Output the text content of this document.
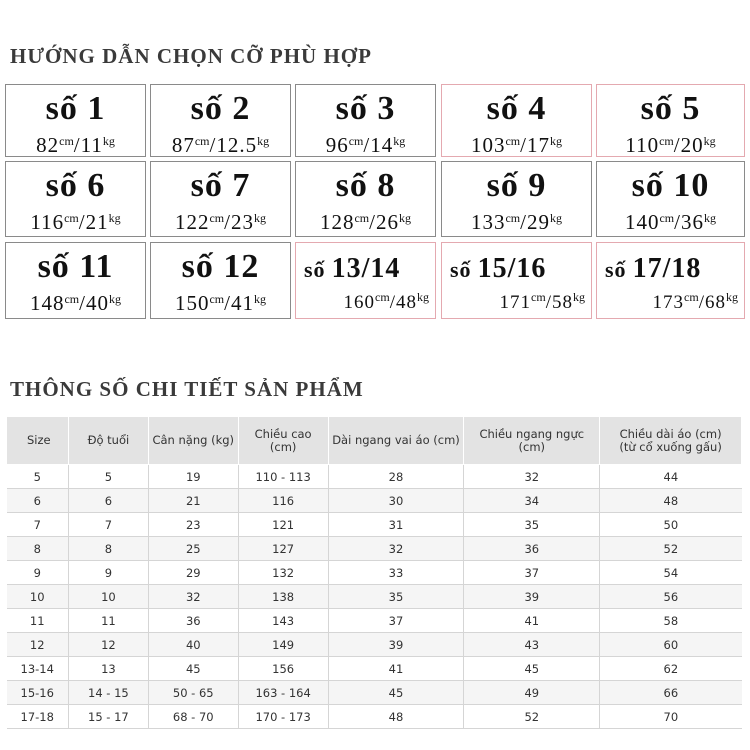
HƯỚNG DẪN CHỌN CỠ PHÙ HỢP
số 1
$82^{cm}/11^{kg}$
số 2
$87^{cm}/12.5^{kg}$
số 3
$96^{cm}/14^{kg}$
số 4
$103^{cm}/17^{kg}$
số 5
$110^{cm}/20^{kg}$
số 6
$116^{cm}/21^{kg}$
số 7
$122^{cm}/23^{kg}$
số 8
$128^{cm}/26^{kg}$
số 9
$133^{cm}/29^{kg}$
số 10
$140^{cm}/36^{kg}$
số 11
$148^{cm}/40^{kg}$
số 12
$150^{cm}/41^{kg}$
số 13/14
$160^{cm}/48^{kg}$
số 15/16
$171^{cm}/58^{kg}$
số 17/18
$173^{cm}/68^{kg}$
THÔNG SỐ CHI TIẾT SẢN PHẨM
Size	Độ tuổi	Cân nặng (kg)	Chiều cao (cm)	Dài ngang vai áo (cm)	Chiều ngang ngực (cm)	Chiều dài áo (cm)
(từ cổ xuống gấu)
5	5	19	110 - 113	28	32	44
6	6	21	116	30	34	48
7	7	23	121	31	35	50
8	8	25	127	32	36	52
9	9	29	132	33	37	54
10	10	32	138	35	39	56
11	11	36	143	37	41	58
12	12	40	149	39	43	60
13-14	13	45	156	41	45	62
15-16	14 - 15	50 - 65	163 - 164	45	49	66
17-18	15 - 17	68 - 70	170 - 173	48	52	70
